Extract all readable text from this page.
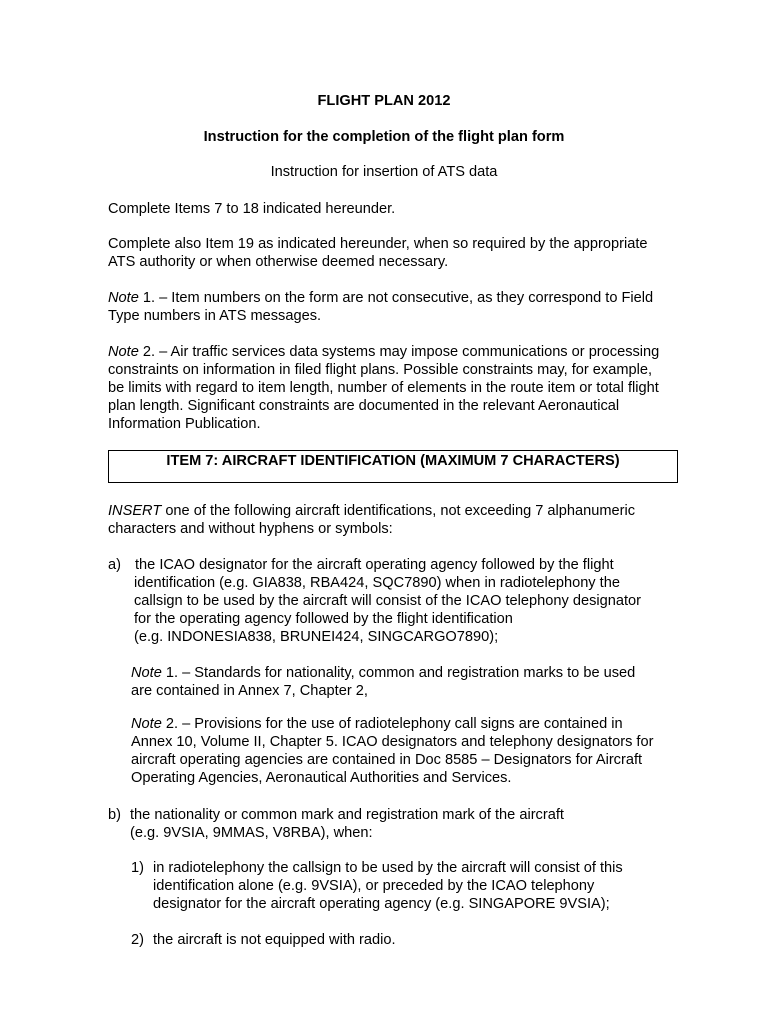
FLIGHT PLAN 2012

Instruction for the completion of the flight plan form

Instruction for insertion of ATS data

Complete Items 7 to 18 indicated hereunder.

Complete also Item 19 as indicated hereunder, when so required by the appropriate
ATS authority or when otherwise deemed necessary.

Note 1. – Item numbers on the form are not consecutive, as they correspond to Field
Type numbers in ATS messages.

Note 2. – Air traffic services data systems may impose communications or processing
constraints on information in filed flight plans. Possible constraints may, for example,
be limits with regard to item length, number of elements in the route item or total flight
plan length. Significant constraints are documented in the relevant Aeronautical
Information Publication.

ITEM 7: AIRCRAFT IDENTIFICATION (MAXIMUM 7 CHARACTERS)

INSERT one of the following aircraft identifications, not exceeding 7 alphanumeric
characters and without hyphens or symbols:

a) the ICAO designator for the aircraft operating agency followed by the flight
identification (e.g. GIA838, RBA424, SQC7890) when in radiotelephony the
callsign to be used by the aircraft will consist of the ICAO telephony designator
for the operating agency followed by the flight identification
(e.g. INDONESIA838, BRUNEI424, SINGCARGO7890);

Note 1. – Standards for nationality, common and registration marks to be used
are contained in Annex 7, Chapter 2,

Note 2. – Provisions for the use of radiotelephony call signs are contained in
Annex 10, Volume II, Chapter 5. ICAO designators and telephony designators for
aircraft operating agencies are contained in Doc 8585 – Designators for Aircraft
Operating Agencies, Aeronautical Authorities and Services.

b) the nationality or common mark and registration mark of the aircraft
(e.g. 9VSIA, 9MMAS, V8RBA), when:

1) in radiotelephony the callsign to be used by the aircraft will consist of this
identification alone (e.g. 9VSIA), or preceded by the ICAO telephony
designator for the aircraft operating agency (e.g. SINGAPORE 9VSIA);

2) the aircraft is not equipped with radio.
